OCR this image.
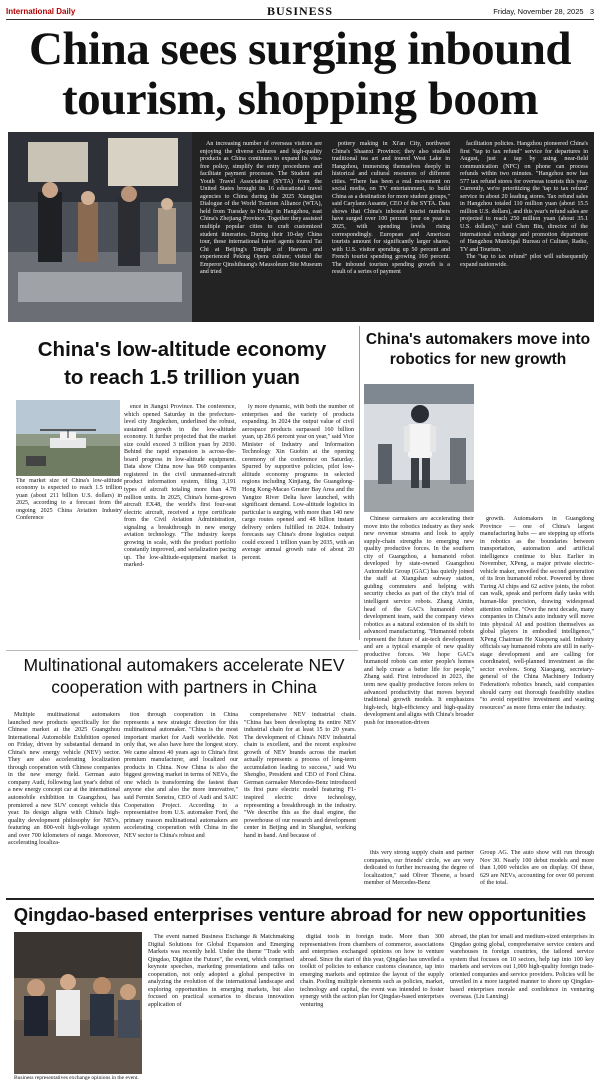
International Daily	BUSINESS	Friday, November 28, 2025 3
China sees surging inbound
tourism, shopping boom

An increasing number of overseas visitors are enjoying the diverse cultures and high-quality products as China continues to expand its visa-free policy, simplify the entry procedures and facilitate payment processes. The Student and Youth Travel Association (SYTA) from the United States brought its 16 educational travel agencies to China during the 2025 Xiangjiao Dialogue of the World Tourism Alliance (WTA), held from Tuesday to Friday in Hangzhou, east China's Zhejiang Province. Together they assisted multiple popular cities to craft customized student itineraries. During their 10-day China tour, these international travel agents toured Tai Chi at Beijing's Temple of Heaven and experienced Peking Opera culture; visited the Emperor Qinshihuang's Mausoleum Site Museum and tried

pottery making in Xi'an City, northwest China's Shaanxi Province; they also studied traditional tea art and toured West Lake in Hangzhou, immersing themselves deeply in historical and cultural resources of different cities. "There has been a real movement on social media, on TV entertainment, to build China as a destination for more student groups," said Carylann Assante, CEO of the SYTA. Data shows that China's inbound tourist numbers have surged over 100 percent year on year in 2025, with spending levels rising correspondingly. European and American tourists amount for significantly larger shares, with U.S. visitor spending up 50 percent and French tourist spending growing 160 percent. The inbound tourism spending growth is a result of a series of payment

facilitation policies. Hangzhou pioneered China's first "tap to tax refund" service for departures in August, just a tap by using near-field communication (NFC) on phone can process refunds within two minutes. "Hangzhou now has 577 tax refund stores for overseas tourists this year. Currently, we're prioritizing the 'tap to tax refund' service in about 20 leading stores. Tax refund sales in Hangzhou totaled 110 million yuan (about 15.5 million U.S. dollars), and this year's refund sales are projected to reach 250 million yuan (about 35.1 U.S. dollars)," said Chen Bin, director of the international exchange and promotion department of Hangzhou Municipal Bureau of Culture, Radio, TV and Tourism.

The "tap to tax refund" pilot will subsequently expand nationwide.

China's low-altitude economy to reach 1.5 trillion yuan
The market size of China's low-altitude economy is expected to reach 1.5 trillion yuan (about 211 billion U.S. dollars) in 2025, according to a forecast from the ongoing 2025 China Aviation Industry Conference

ence in Jiangxi Province. The conference, which opened Saturday in the prefecture-level city Jingdezhen, underlined the robust, sustained growth in the low-altitude economy. It further projected that the market size could exceed 3 trillion yuan by 2030. Behind the rapid expansion is across-the-board progress in low-altitude equipment. Data show China now has 969 companies registered in the civil unmanned-aircraft product information system, filing 3,191 types of aircraft totaling more than 4.78 million units. In 2025, China's home-grown aircraft EX48, the world's first four-seat electric aircraft, received a type certificate from the Civil Aviation Administration, signaling a breakthrough in new energy aviation technology. "The industry keeps growing in scale, with the product portfolio constantly improved, and serialization pacing up. The low-altitude-equipment market is marked-

ly more dynamic, with both the number of enterprises and the variety of products expanding. In 2024 the output value of civil aerospace products surpassed 160 billion yuan, up 28.6 percent year on year," said Vice Minister of Industry and Information Technology Xin Guobin at the opening ceremony of the conference on Saturday. Spurred by supportive policies, pilot low-altitude economy programs in selected regions including Xinjiang, the Guangdong-Hong Kong-Macao Greater Bay Area and the Yangtze River Delta have launched, with significant demand. Low-altitude logistics in particular is surging, with more than 140 new cargo routes opened and 48 billion instant delivery orders fulfilled in 2024. Industry forecasts say China's drone logistics output could exceed 1 trillion yuan by 2035, with an average annual growth rate of about 20 percent.

China's automakers move into robotics for new growth

Chinese carmakers are accelerating their move into the robotics industry as they seek new revenue streams and look to apply supply-chain strengths to emerging new quality productive forces. In the southern city of Guangzhou, a humanoid robot developed by state-owned Guangzhou Automobile Group (GAC) has quietly joined the staff at Xiangshan subway station, guiding commuters and helping with security checks as part of the city's trial of intelligent service robots. Zhang Aimin, head of the GAC's humanoid robot development team, said the company views robotics as a natural extension of its shift to advanced manufacturing. "Humanoid robots represent the future of air-tech development and are a typical example of new quality productive forces. We hope GAC's humanoid robots can enter people's homes and help create a better life for people," Zhang said. First introduced in 2023, the term new quality productive forces refers to advanced productivity that moves beyond traditional growth models. It emphasizes high-tech, high-efficiency and high-quality development and aligns with China's broader push for innovation-driven

growth. Automakers in Guangdong Province — one of China's largest manufacturing hubs — are stepping up efforts in robotics as the boundaries between transportation, automation and artificial intelligence continue to blur. Earlier in November, XPeng, a major private electric-vehicle maker, unveiled the second generation of its Iron humanoid robot. Powered by three Turing AI chips and 62 active joints, the robot can walk, speak and perform daily tasks with human-like precision, drawing widespread attention online. "Over the next decade, many companies in China's auto industry will move into physical AI and position themselves as global players in embodied intelligence," XPeng Chairman He Xiaopeng said. Industry officials say humanoid robots are still in early-stage development and are calling for coordinated, well-planned investment as the sector evolves. Song Xiaogang, secretary-general of the China Machinery Industry Federation's robotics branch, said companies should carry out thorough feasibility studies "to avoid repetitive investment and wasting resources" as more firms enter the industry.

Multinational automakers accelerate NEV
cooperation with partners in China

Multiple multinational automakers launched new products specifically for the Chinese market at the 2025 Guangzhou International Automobile Exhibition opened on Friday, driven by substantial demand in China's new energy vehicle (NEV) sector. They are also accelerating localization through cooperation with Chinese companies in the new energy field. German auto company Audi, following last year's debut of a new energy concept car at the international automobile exhibition in Guangzhou, has premiered a new SUV concept vehicle this year. Its design aligns with China's high-quality development philosophy for NEVs, featuring an 800-volt high-voltage system and over 700 kilometers of range. Moreover, accelerating localiza-

tion through cooperation in China represents a new strategic direction for this multinational automaker. "China is the most important market for Audi worldwide. Not only that, we also have here the longest story. We came almost 40 years ago to China's first premium manufacturer, and localized our products in China. Now China is also the biggest growing market in terms of NEVs, the one which is transforming the fastest than anyone else and also the more innovative," said Fermin Soneira, CEO of Audi and SAIC Cooperation Project. According to a representative from U.S. automaker Ford, the primary reason multinational automakers are accelerating cooperation with China in the NEV sector is China's robust and

comprehensive NEV industrial chain. "China has been developing its entire NEV industrial chain for at least 15 to 20 years. The development of China's NEV industrial chain is excellent, and the recent explosive growth of NEV brands across the market actually represents a process of long-term accumulation leading to success," said Wu Shengbo, President and CEO of Ford China. German carmaker Mercedes-Benz introduced its first pure electric model featuring F1-inspired electric drive technology, representing a breakthrough in the industry. "We describe this as the dual engine, the powerhouse of our research and development center in Beijing and in Shanghai, working hand in hand. And because of

this very strong supply chain and partner companies, our friends' circle, we are very dedicated to further increasing the degree of localization," said Oliver Thoene, a board member of Mercedes-Benz

Group AG. The auto show will run through Nov 30. Nearly 100 debut models and more than 1,000 vehicles are on display. Of these, 629 are NEVs, accounting for over 60 percent of the total.

Qingdao-based enterprises venture abroad for new opportunities
Business representatives exchange opinions in the event.

The event named Business Exchange & Matchmaking Digital Solutions for Global Expansion and Emerging Markets was recently held. Under the theme "Trade with Qingdao, Digitize the Future", the event, which comprised keynote speeches, marketing presentations and talks on cooperation, not only adopted a global perspective in analyzing the evolution of the international landscape and exploring opportunities in emerging markets, but also focused on practical scenarios to discuss innovation application of

digital tools in foreign trade. More than 300 representatives from chambers of commerce, associations and enterprises exchanged opinions on how to venture abroad. Since the start of this year, Qingdao has unveiled a toolkit of policies to enhance customs clearance, tap into emerging markets and optimize the layout of the supply chain. Pooling multiple elements such as policies, market, technology and capital, the event was intended to foster synergy with the action plan for Qingdao-based enterprises venturing

abroad, the plan for small and medium-sized enterprises in Qingdao going global, comprehensive service centers and warehouses in foreign countries, the tailored service system that focuses on 10 sectors, help tap into 100 key markets and services out 1,000 high-quality foreign trade-oriented companies and service providers. Policies will be unveiled in a more targeted manner to shore up Qingdao-based enterprises morale and confidence in venturing overseas. (Liu Lanxing)
